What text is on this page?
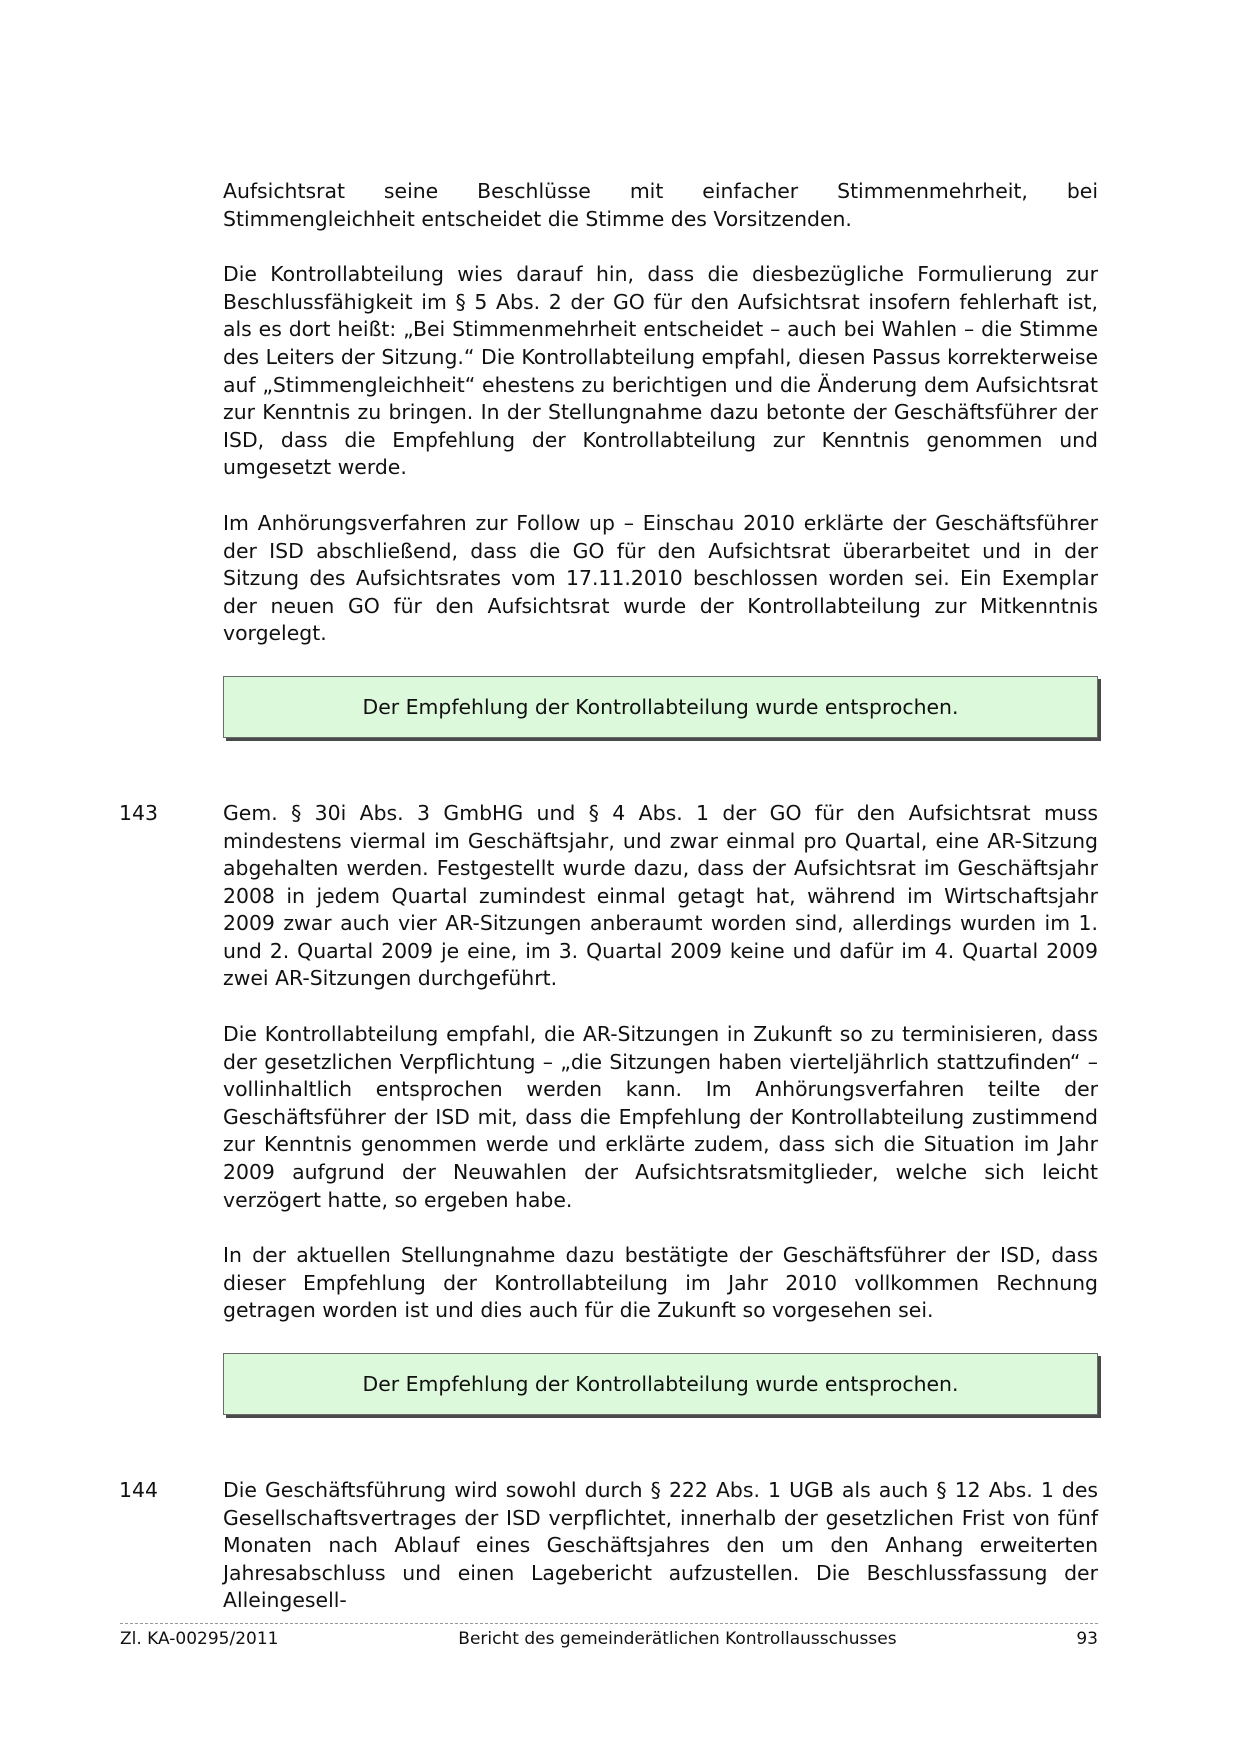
Aufsichtsrat seine Beschlüsse mit einfacher Stimmenmehrheit, bei Stimmengleichheit entscheidet die Stimme des Vorsitzenden.

Die Kontrollabteilung wies darauf hin, dass die diesbezügliche Formulierung zur Beschlussfähigkeit im § 5 Abs. 2 der GO für den Aufsichtsrat insofern fehlerhaft ist, als es dort heißt: „Bei Stimmenmehrheit entscheidet – auch bei Wahlen – die Stimme des Leiters der Sitzung.“ Die Kontrollabteilung empfahl, diesen Passus korrekterweise auf „Stimmengleichheit“ ehestens zu berichtigen und die Änderung dem Aufsichtsrat zur Kenntnis zu bringen. In der Stellungnahme dazu betonte der Geschäftsführer der ISD, dass die Empfehlung der Kontrollabteilung zur Kenntnis genommen und umgesetzt werde.

Im Anhörungsverfahren zur Follow up – Einschau 2010 erklärte der Geschäftsführer der ISD abschließend, dass die GO für den Aufsichtsrat überarbeitet und in der Sitzung des Aufsichtsrates vom 17.11.2010 beschlossen worden sei. Ein Exemplar der neuen GO für den Aufsichtsrat wurde der Kontrollabteilung zur Mitkenntnis vorgelegt.

Der Empfehlung der Kontrollabteilung wurde entsprochen.
143	Gem. § 30i Abs. 3 GmbHG und § 4 Abs. 1 der GO für den Aufsichtsrat muss mindestens viermal im Geschäftsjahr, und zwar einmal pro Quartal, eine AR-Sitzung abgehalten werden. Festgestellt wurde dazu, dass der Aufsichtsrat im Geschäftsjahr 2008 in jedem Quartal zumindest einmal getagt hat, während im Wirtschaftsjahr 2009 zwar auch vier AR-Sitzungen anberaumt worden sind, allerdings wurden im 1. und 2. Quartal 2009 je eine, im 3. Quartal 2009 keine und dafür im 4. Quartal 2009 zwei AR-Sitzungen durchgeführt.

Die Kontrollabteilung empfahl, die AR-Sitzungen in Zukunft so zu terminisieren, dass der gesetzlichen Verpflichtung – „die Sitzungen haben vierteljährlich stattzufinden“ – vollinhaltlich entsprochen werden kann. Im Anhörungsverfahren teilte der Geschäftsführer der ISD mit, dass die Empfehlung der Kontrollabteilung zustimmend zur Kenntnis genommen werde und erklärte zudem, dass sich die Situation im Jahr 2009 aufgrund der Neuwahlen der Aufsichtsratsmitglieder, welche sich leicht verzögert hatte, so ergeben habe.

In der aktuellen Stellungnahme dazu bestätigte der Geschäftsführer der ISD, dass dieser Empfehlung der Kontrollabteilung im Jahr 2010 vollkommen Rechnung getragen worden ist und dies auch für die Zukunft so vorgesehen sei.

Der Empfehlung der Kontrollabteilung wurde entsprochen.
144	Die Geschäftsführung wird sowohl durch § 222 Abs. 1 UGB als auch § 12 Abs. 1 des Gesellschaftsvertrages der ISD verpflichtet, innerhalb der gesetzlichen Frist von fünf Monaten nach Ablauf eines Geschäftsjahres den um den Anhang erweiterten Jahresabschluss und einen Lagebericht aufzustellen. Die Beschlussfassung der Alleingesell-
Zl. KA-00295/2011	Bericht des gemeinderätlichen Kontrollausschusses	93
